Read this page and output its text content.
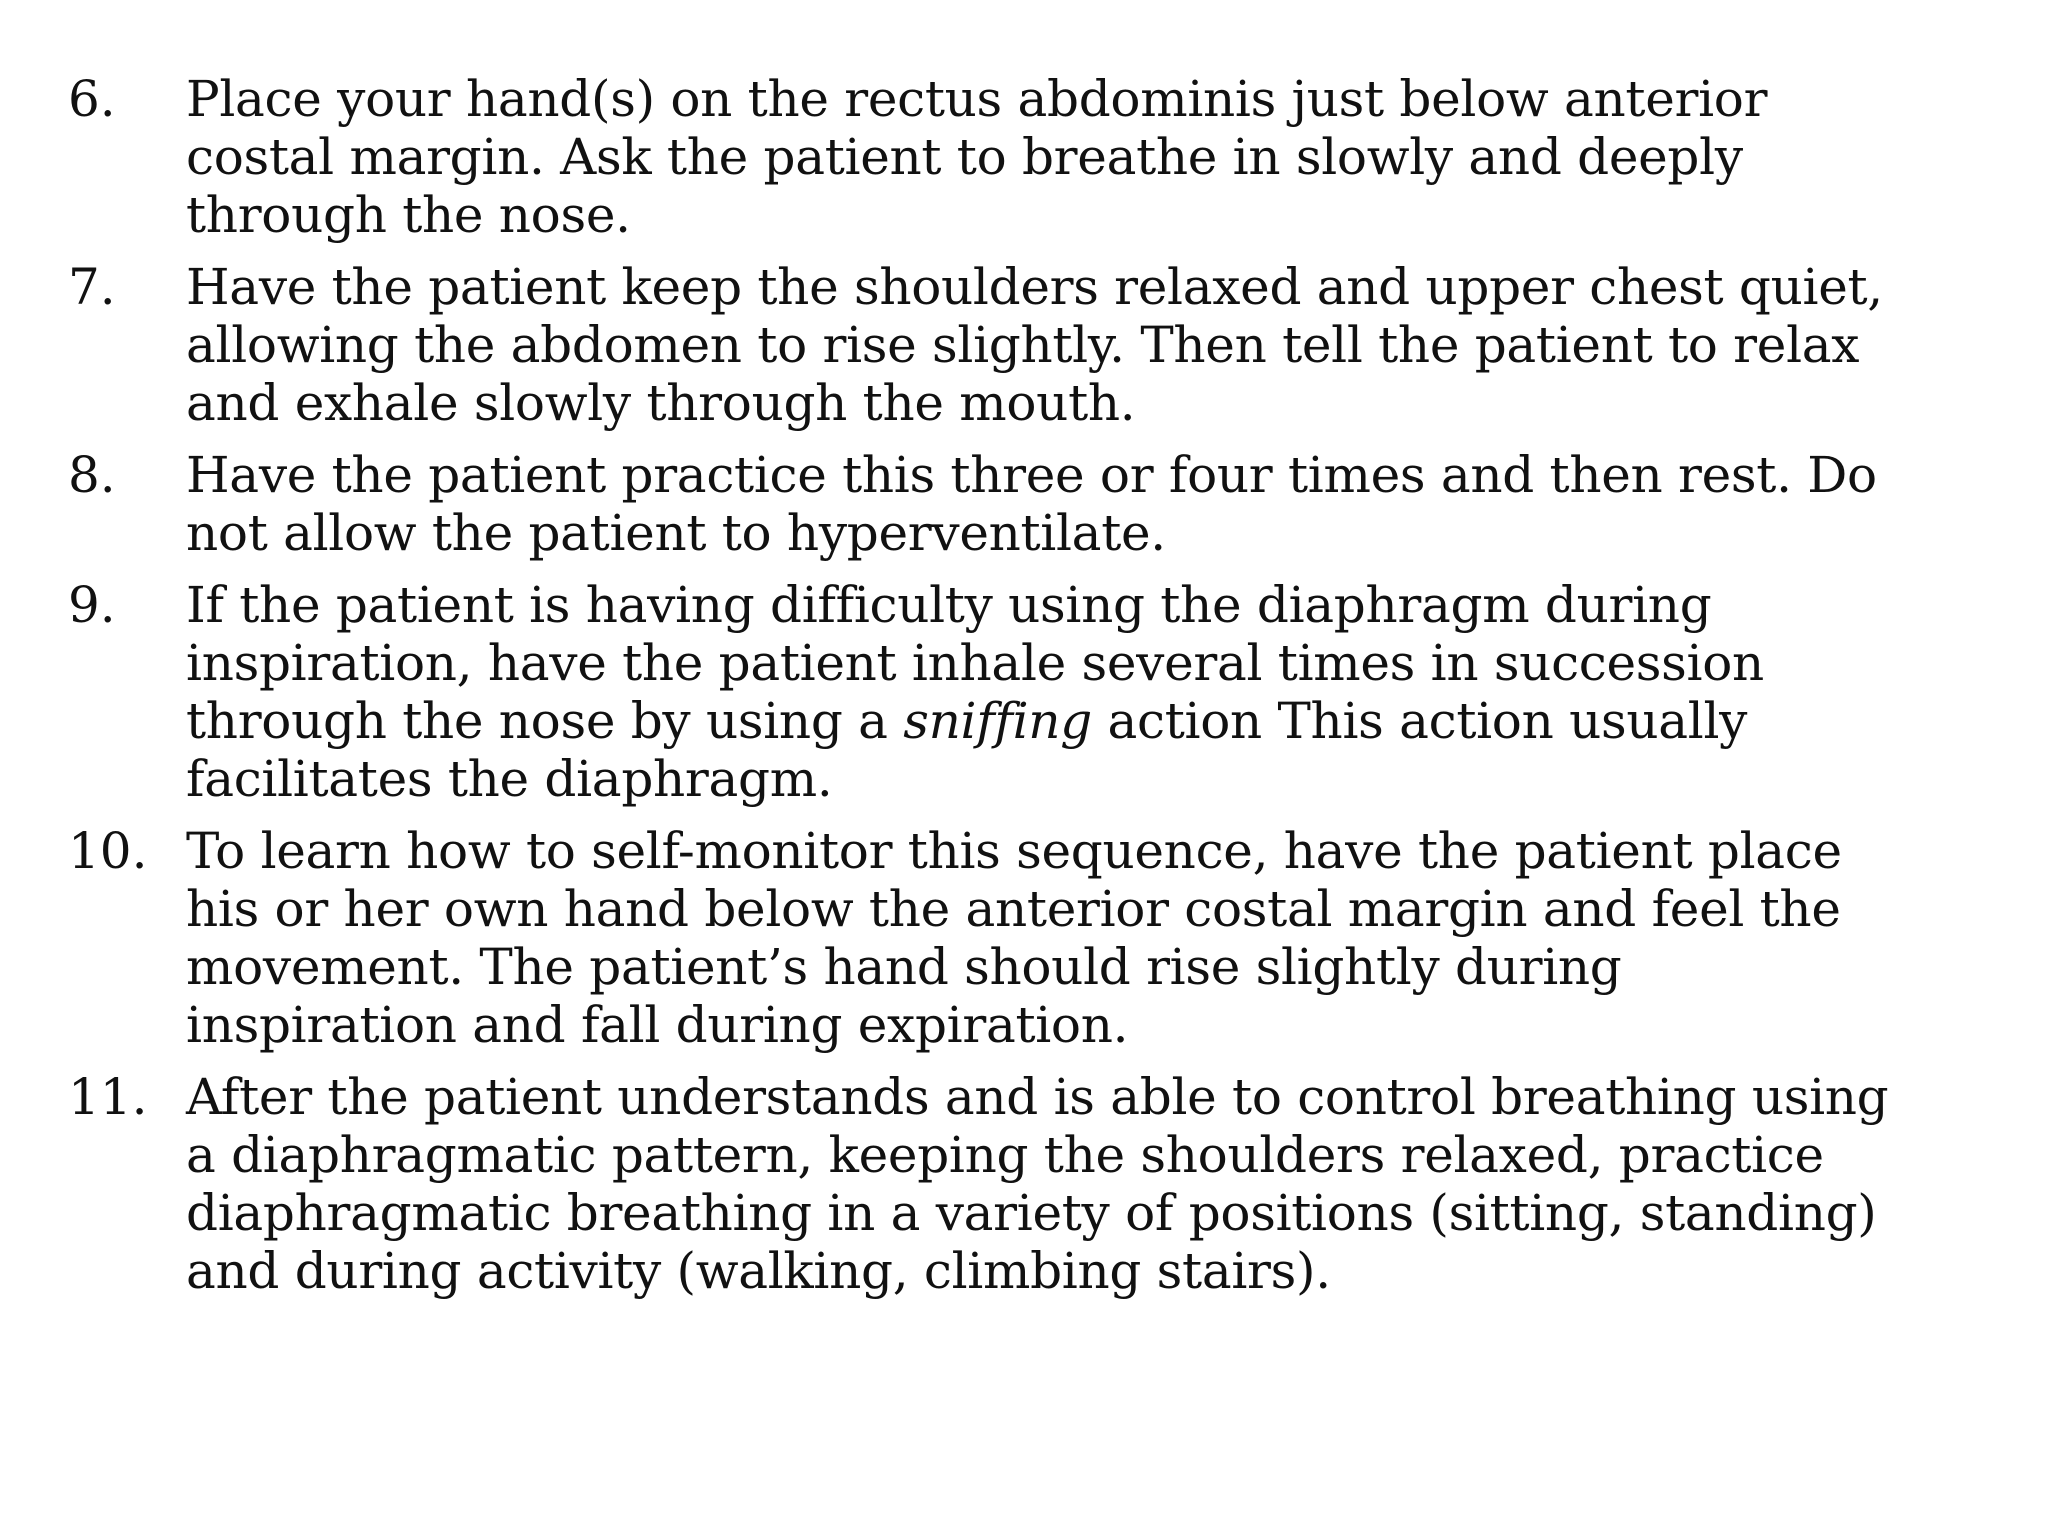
6.	Place your hand(s) on the rectus abdominis just below anterior
costal margin. Ask the patient to breathe in slowly and deeply
through the nose.
7.	Have the patient keep the shoulders relaxed and upper chest quiet,
allowing the abdomen to rise slightly. Then tell the patient to relax
and exhale slowly through the mouth.
8.	Have the patient practice this three or four times and then rest. Do
not allow the patient to hyperventilate.
9.	If the patient is having difficulty using the diaphragm during
inspiration, have the patient inhale several times in succession
through the nose by using a sniffing action This action usually
facilitates the diaphragm.
10. To learn how to self-monitor this sequence, have the patient place
his or her own hand below the anterior costal margin and feel the
movement. The patient’s hand should rise slightly during
inspiration and fall during expiration.
11. After the patient understands and is able to control breathing using
a diaphragmatic pattern, keeping the shoulders relaxed, practice
diaphragmatic breathing in a variety of positions (sitting, standing)
and during activity (walking, climbing stairs).
